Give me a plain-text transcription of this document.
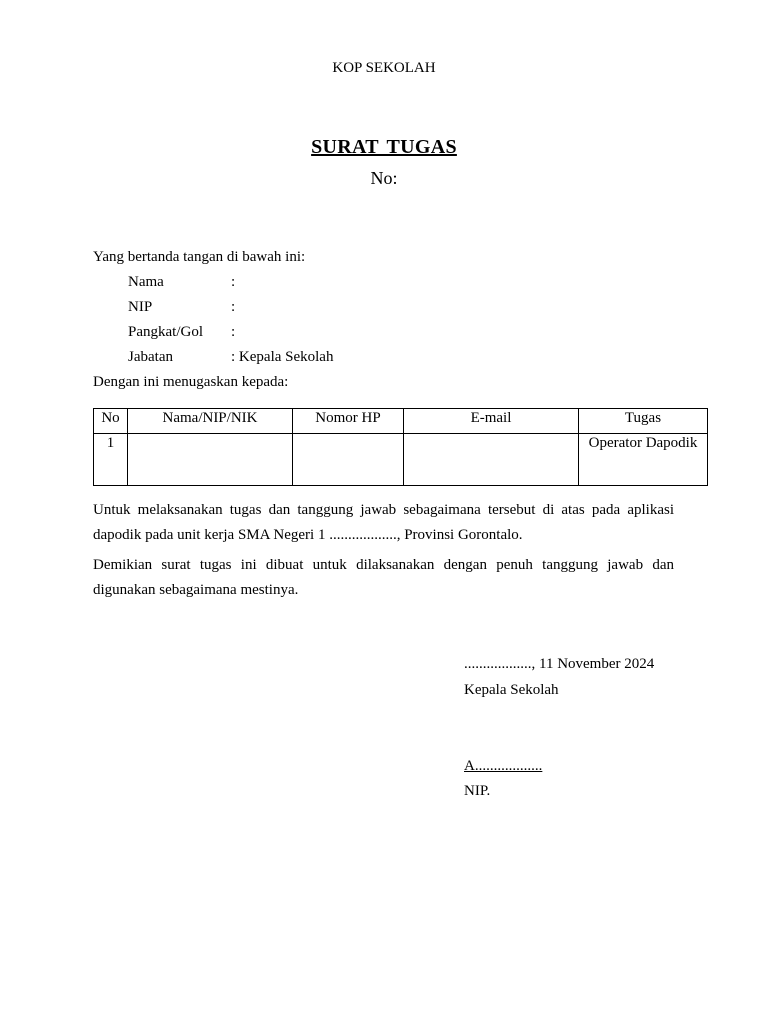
KOP SEKOLAH
SURAT TUGAS
No:
Yang bertanda tangan di bawah ini:
Nama	:
NIP	:
Pangkat/Gol :
Jabatan	: Kepala Sekolah
Dengan ini menugaskan kepada:
No	Nama/NIP/NIK	Nomor HP	E-mail	Tugas
1				Operator Dapodik
Untuk melaksanakan tugas dan tanggung jawab sebagaimana tersebut di atas pada aplikasi
dapodik pada unit kerja SMA Negeri 1 .................., Provinsi Gorontalo.
Demikian surat tugas ini dibuat untuk dilaksanakan dengan penuh tanggung jawab dan
digunakan sebagaimana mestinya.
.................., 11 November 2024
Kepala Sekolah
A..................
NIP.
